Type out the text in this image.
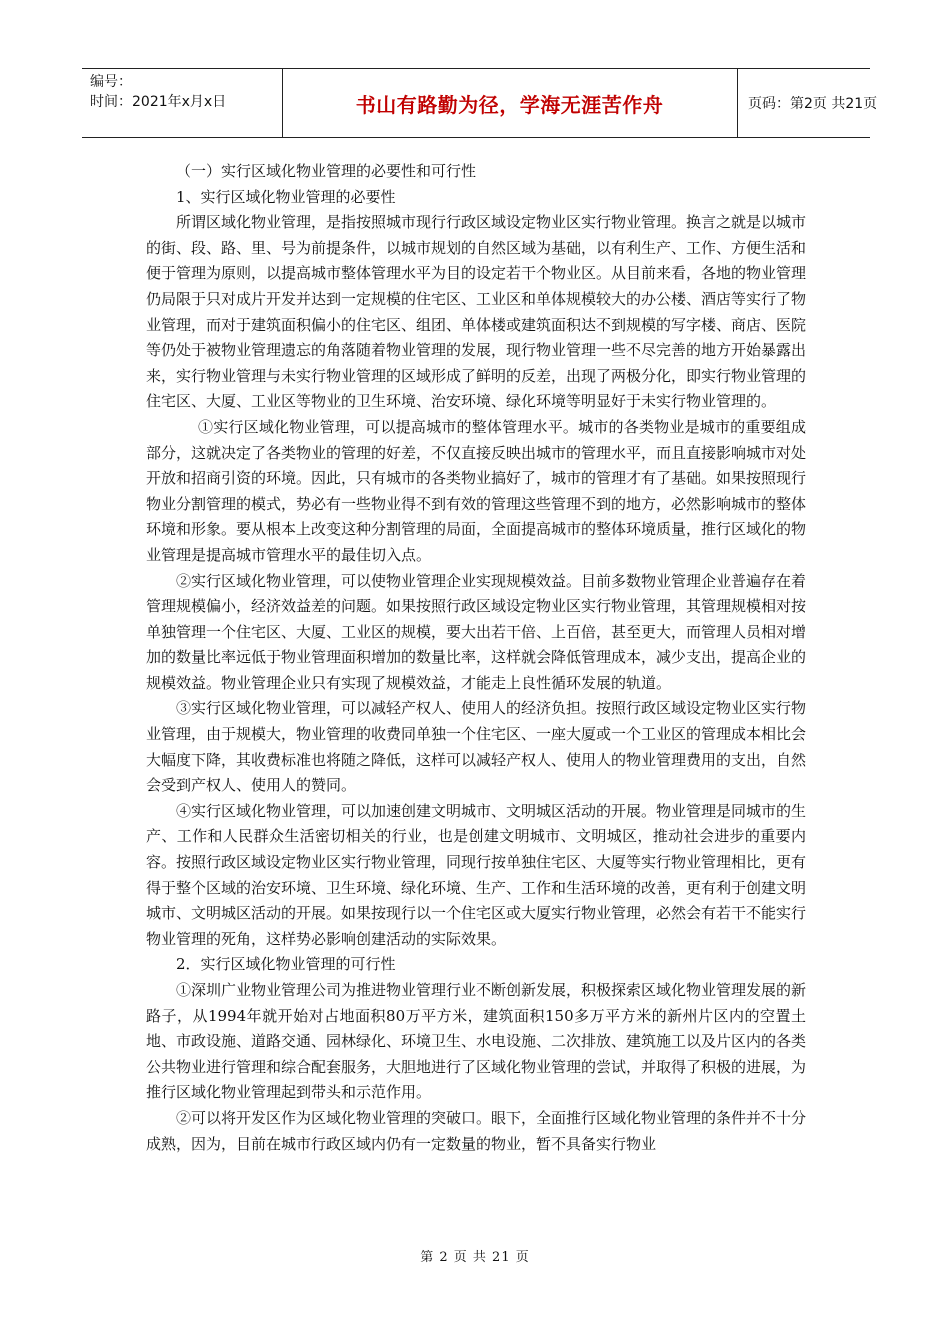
编号：
时间：2021年x月x日	书山有路勤为径，学海无涯苦作舟	页码：第2页 共21页

（一）实行区域化物业管理的必要性和可行性

1、实行区域化物业管理的必要性

所谓区域化物业管理，是指按照城市现行行政区域设定物业区实行物业管理。换言之就是以城市的街、段、路、里、号为前提条件，以城市规划的自然区域为基础，以有利生产、工作、方便生活和便于管理为原则，以提高城市整体管理水平为目的设定若干个物业区。从目前来看，各地的物业管理仍局限于只对成片开发并达到一定规模的住宅区、工业区和单体规模较大的办公楼、酒店等实行了物业管理，而对于建筑面积偏小的住宅区、组团、单体楼或建筑面积达不到规模的写字楼、商店、医院等仍处于被物业管理遗忘的角落随着物业管理的发展，现行物业管理一些不尽完善的地方开始暴露出来，实行物业管理与未实行物业管理的区域形成了鲜明的反差，出现了两极分化，即实行物业管理的住宅区、大厦、工业区等物业的卫生环境、治安环境、绿化环境等明显好于未实行物业管理的。

①实行区域化物业管理，可以提高城市的整体管理水平。城市的各类物业是城市的重要组成部分，这就决定了各类物业的管理的好差，不仅直接反映出城市的管理水平，而且直接影响城市对处开放和招商引资的环境。因此，只有城市的各类物业搞好了，城市的管理才有了基础。如果按照现行物业分割管理的模式，势必有一些物业得不到有效的管理这些管理不到的地方，必然影响城市的整体环境和形象。要从根本上改变这种分割管理的局面，全面提高城市的整体环境质量，推行区域化的物业管理是提高城市管理水平的最佳切入点。

②实行区域化物业管理，可以使物业管理企业实现规模效益。目前多数物业管理企业普遍存在着管理规模偏小，经济效益差的问题。如果按照行政区域设定物业区实行物业管理，其管理规模相对按单独管理一个住宅区、大厦、工业区的规模，要大出若干倍、上百倍，甚至更大，而管理人员相对增加的数量比率远低于物业管理面积增加的数量比率，这样就会降低管理成本，减少支出，提高企业的规模效益。物业管理企业只有实现了规模效益，才能走上良性循环发展的轨道。

③实行区域化物业管理，可以减轻产权人、使用人的经济负担。按照行政区域设定物业区实行物业管理，由于规模大，物业管理的收费同单独一个住宅区、一座大厦或一个工业区的管理成本相比会大幅度下降，其收费标准也将随之降低，这样可以减轻产权人、使用人的物业管理费用的支出，自然会受到产权人、使用人的赞同。

④实行区域化物业管理，可以加速创建文明城市、文明城区活动的开展。物业管理是同城市的生产、工作和人民群众生活密切相关的行业，也是创建文明城市、文明城区，推动社会进步的重要内容。按照行政区域设定物业区实行物业管理，同现行按单独住宅区、大厦等实行物业管理相比，更有得于整个区域的治安环境、卫生环境、绿化环境、生产、工作和生活环境的改善，更有利于创建文明城市、文明城区活动的开展。如果按现行以一个住宅区或大厦实行物业管理，必然会有若干不能实行物业管理的死角，这样势必影响创建活动的实际效果。

2．实行区域化物业管理的可行性

①深圳广业物业管理公司为推进物业管理行业不断创新发展，积极探索区域化物业管理发展的新路子，从1994年就开始对占地面积80万平方米，建筑面积150多万平方米的新州片区内的空置土地、市政设施、道路交通、园林绿化、环境卫生、水电设施、二次排放、建筑施工以及片区内的各类公共物业进行管理和综合配套服务，大胆地进行了区域化物业管理的尝试，并取得了积极的进展，为推行区域化物业管理起到带头和示范作用。

②可以将开发区作为区域化物业管理的突破口。眼下，全面推行区域化物业管理的条件并不十分成熟，因为，目前在城市行政区域内仍有一定数量的物业，暂不具备实行物业

第 2 页 共 21 页
